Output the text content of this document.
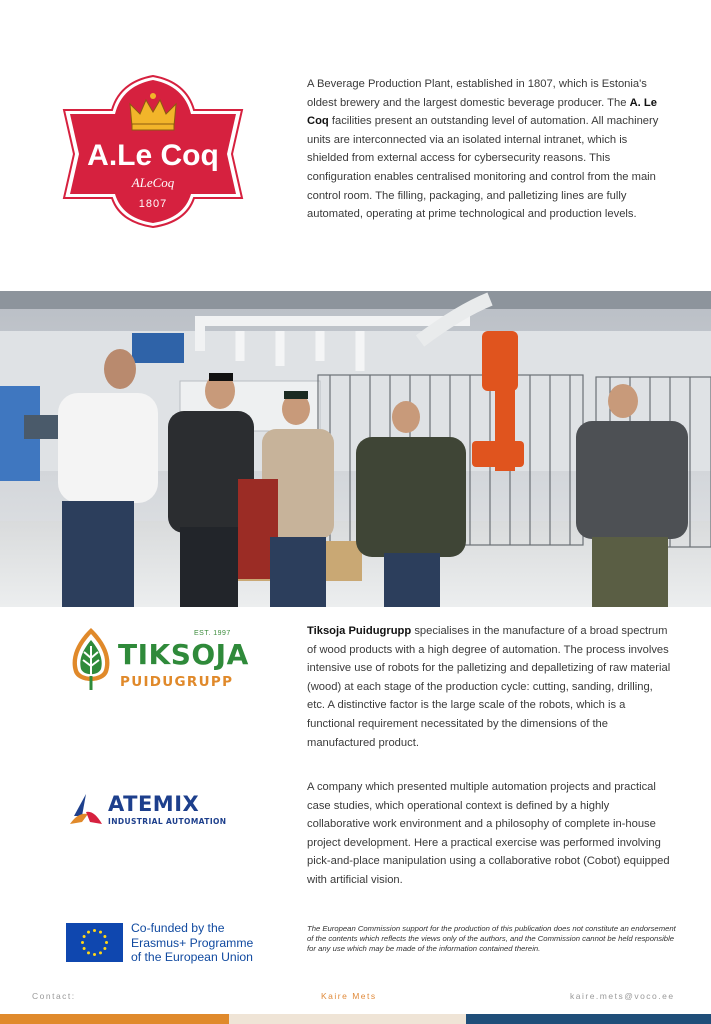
A.Le Coq
ALeCoq
1807
A Beverage Production Plant, established in 1807, which is Estonia's oldest brewery and the largest domestic beverage producer. The A. Le Coq facilities present an outstanding level of automation. All machinery units are interconnected via an isolated internal intranet, which is shielded from external access for cybersecurity reasons. This configuration enables centralised monitoring and control from the main control room. The filling, packaging, and palletizing lines are fully automated, operating at prime technological and production levels.
EST. 1997
TIKSOJA
PUIDUGRUPP
Tiksoja Puidugrupp specialises in the manufacture of a broad spectrum of wood products with a high degree of automation. The process involves intensive use of robots for the palletizing and depalletizing of raw material (wood) at each stage of the production cycle: cutting, sanding, drilling, etc. A distinctive factor is the large scale of the robots, which is a functional requirement necessitated by the dimensions of the manufactured product.
ATEMIX
INDUSTRIAL AUTOMATION
A company which presented multiple automation projects and practical case studies, which operational context is defined by a highly collaborative work environment and a philosophy of complete in-house project development. Here a practical exercise was performed involving pick-and-place manipulation using a collaborative robot (Cobot) equipped with artificial vision.
Co-funded by the
Erasmus+ Programme
of the European Union
The European Commission support for the production of this publication does not constitute an endorsement of the contents which reflects the views only of the authors, and the Commission cannot be held responsible for any use which may be made of the information contained therein.
Contact:	Kaire Mets	kaire.mets@voco.ee
